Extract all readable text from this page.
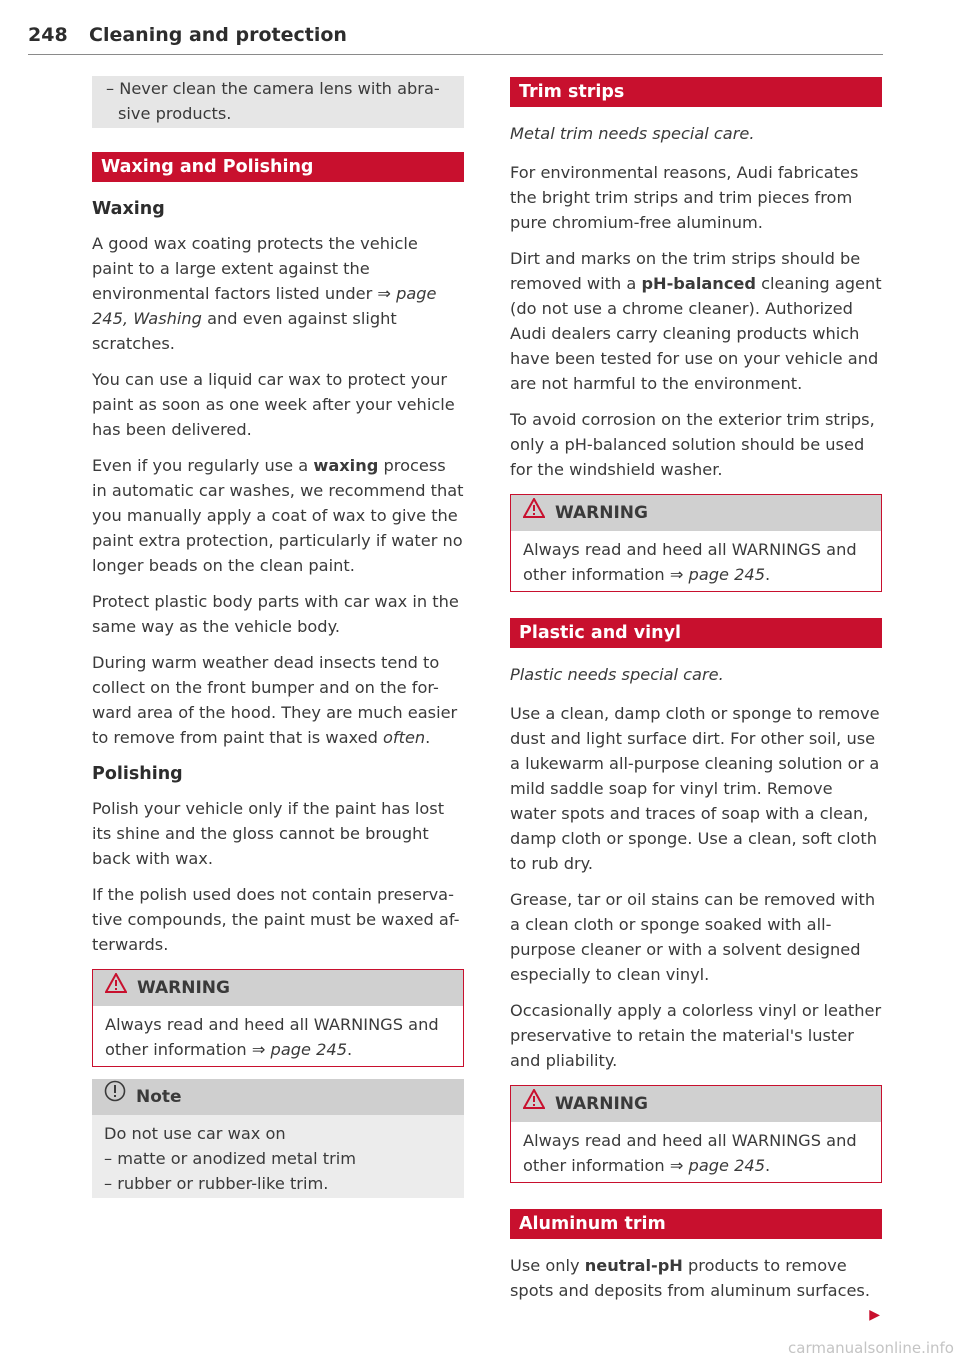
248 Cleaning and protection

– Never clean the camera lens with abra-sive products.

Waxing and Polishing
Waxing

A good wax coating protects the vehicle paint to a large extent against the environmental factors listed under ⇒ page 245, Washing and even against slight scratches.

You can use a liquid car wax to protect your paint as soon as one week after your vehicle has been delivered.

Even if you regularly use a waxing process in automatic car washes, we recommend that you manually apply a coat of wax to give the paint extra protection, particularly if water no longer beads on the clean paint.

Protect plastic body parts with car wax in the same way as the vehicle body.

During warm weather dead insects tend to collect on the front bumper and on the for-ward area of the hood. They are much easier to remove from paint that is waxed often.

Polishing

Polish your vehicle only if the paint has lost its shine and the gloss cannot be brought back with wax.

If the polish used does not contain preserva-tive compounds, the paint must be waxed af-terwards.

WARNING
Always read and heed all WARNINGS and other information ⇒ page 245.
Note

Do not use car wax on

– matte or anodized metal trim

– rubber or rubber-like trim.

Trim strips

Metal trim needs special care.

For environmental reasons, Audi fabricates the bright trim strips and trim pieces from pure chromium-free aluminum.

Dirt and marks on the trim strips should be removed with a pH-balanced cleaning agent (do not use a chrome cleaner). Authorized Audi dealers carry cleaning products which have been tested for use on your vehicle and are not harmful to the environment.

To avoid corrosion on the exterior trim strips, only a pH-balanced solution should be used for the windshield washer.

WARNING
Always read and heed all WARNINGS and other information ⇒ page 245.
Plastic and vinyl

Plastic needs special care.

Use a clean, damp cloth or sponge to remove dust and light surface dirt. For other soil, use a lukewarm all-purpose cleaning solution or a mild saddle soap for vinyl trim. Remove water spots and traces of soap with a clean, damp cloth or sponge. Use a clean, soft cloth to rub dry.

Grease, tar or oil stains can be removed with a clean cloth or sponge soaked with all-purpose cleaner or with a solvent designed especially to clean vinyl.

Occasionally apply a colorless vinyl or leather preservative to retain the material's luster and pliability.

WARNING
Always read and heed all WARNINGS and other information ⇒ page 245.
Aluminum trim

Use only neutral-pH products to remove spots and deposits from aluminum surfaces.
▶

carmanualsonline.info
